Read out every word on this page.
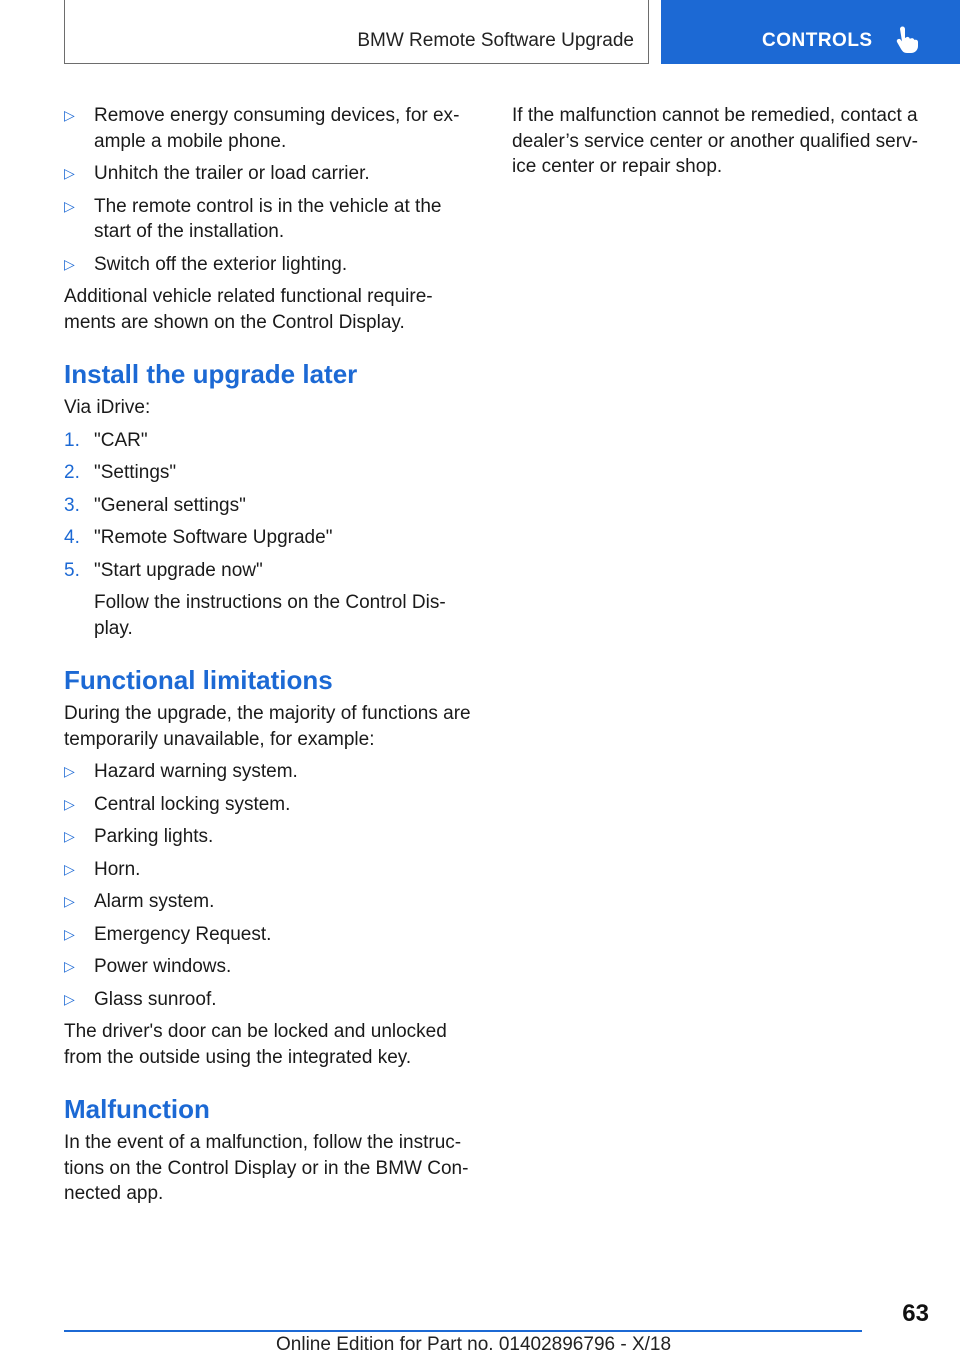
BMW Remote Software Upgrade	CONTROLS
▷ Remove energy consuming devices, for example a mobile phone.
▷ Unhitch the trailer or load carrier.
▷ The remote control is in the vehicle at the start of the installation.
▷ Switch off the exterior lighting.

Additional vehicle related functional requirements are shown on the Control Display.

Install the upgrade later

Via iDrive:

1. "CAR"
2. "Settings"
3. "General settings"
4. "Remote Software Upgrade"
5. "Start upgrade now"
Follow the instructions on the Control Display.
Functional limitations

During the upgrade, the majority of functions are temporarily unavailable, for example:

▷ Hazard warning system.
▷ Central locking system.
▷ Parking lights.
▷ Horn.
▷ Alarm system.
▷ Emergency Request.
▷ Power windows.
▷ Glass sunroof.

The driver's door can be locked and unlocked from the outside using the integrated key.

Malfunction

In the event of a malfunction, follow the instructions on the Control Display or in the BMW Connected app.

If the malfunction cannot be remedied, contact a dealer’s service center or another qualified service center or repair shop.

63
Online Edition for Part no. 01402896796 - X/18
